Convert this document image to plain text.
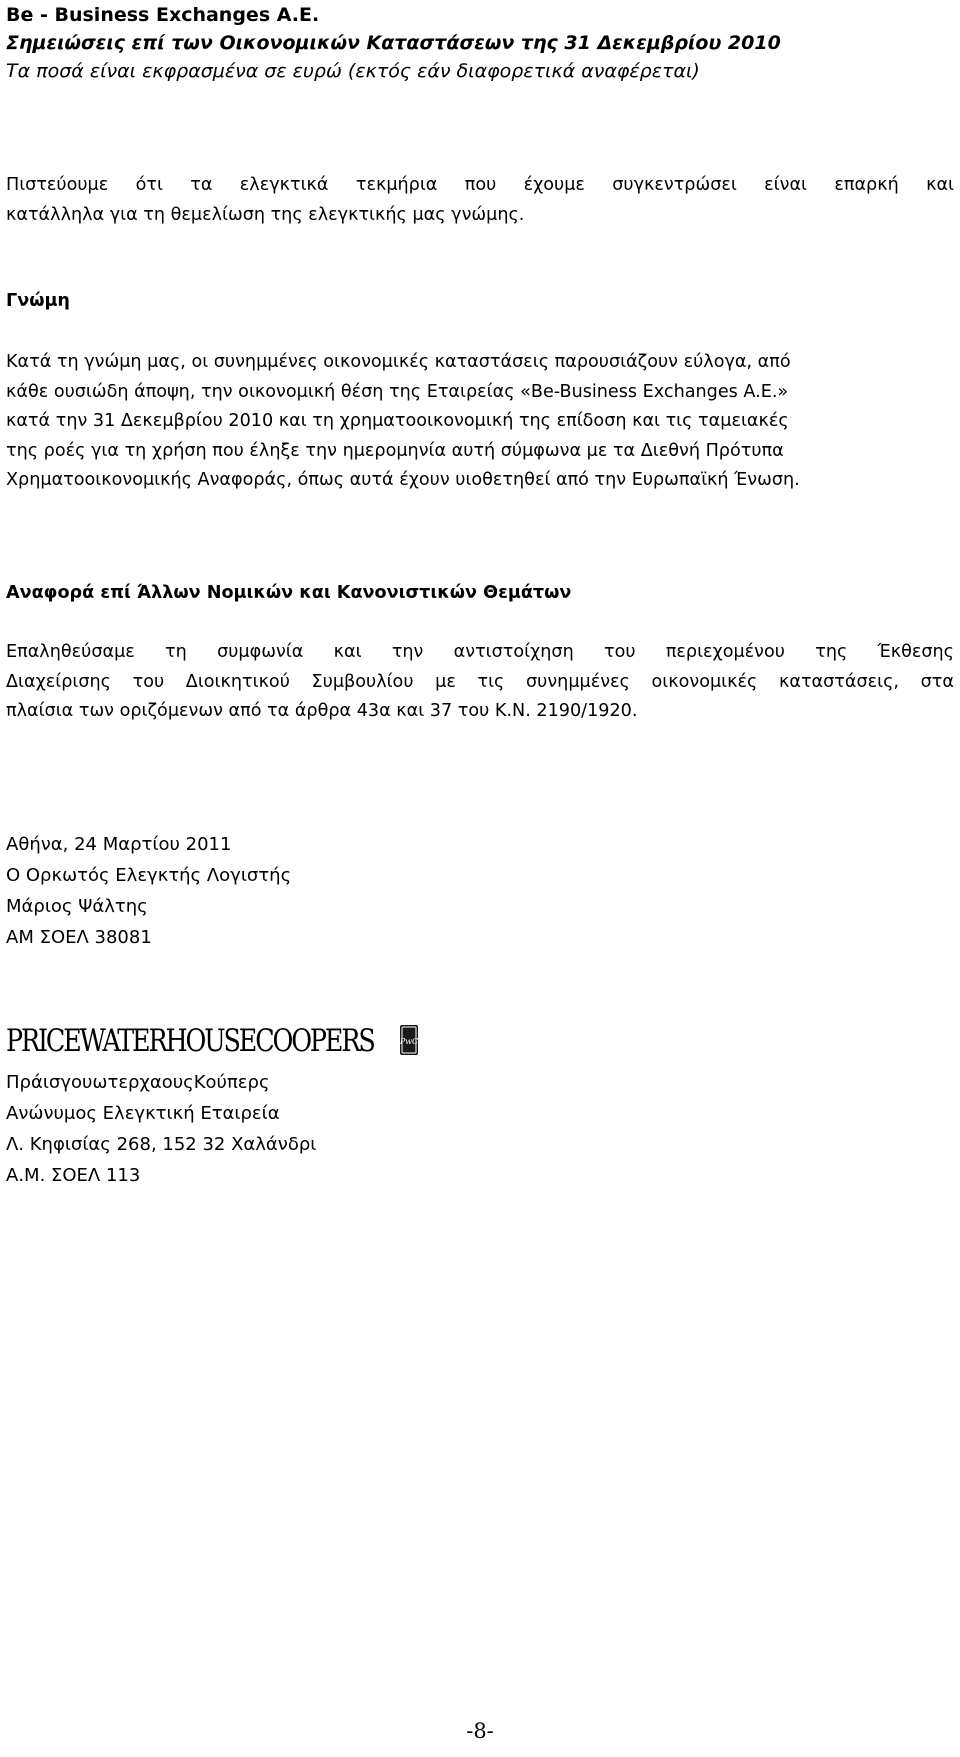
Be - Business Exchanges A.E.
Σημειώσεις επί των Οικονομικών Καταστάσεων της 31 Δεκεμβρίου 2010
Τα ποσά είναι εκφρασμένα σε ευρώ (εκτός εάν διαφορετικά αναφέρεται)
Πιστεύουμε ότι τα ελεγκτικά τεκμήρια που έχουμε συγκεντρώσει είναι επαρκή και
κατάλληλα για τη θεμελίωση της ελεγκτικής μας γνώμης.
Γνώμη
Κατά τη γνώμη μας, οι συνημμένες οικονομικές καταστάσεις παρουσιάζουν εύλογα, από
κάθε ουσιώδη άποψη, την οικονομική θέση της Εταιρείας «Be-Business Exchanges A.E.»
κατά την 31 Δεκεμβρίου 2010 και τη χρηματοοικονομική της επίδοση και τις ταμειακές
της ροές για τη χρήση που έληξε την ημερομηνία αυτή σύμφωνα με τα Διεθνή Πρότυπα
Χρηματοοικονομικής Αναφοράς, όπως αυτά έχουν υιοθετηθεί από την Ευρωπαϊκή Ένωση.
Αναφορά επί Άλλων Νομικών και Κανονιστικών Θεμάτων
Επαληθεύσαμε τη συμφωνία και την αντιστοίχηση του περιεχομένου της Έκθεσης
Διαχείρισης του Διοικητικού Συμβουλίου με τις συνημμένες οικονομικές καταστάσεις, στα
πλαίσια των οριζόμενων από τα άρθρα 43α και 37 του Κ.Ν. 2190/1920.
Αθήνα, 24 Μαρτίου 2011
Ο Ορκωτός Ελεγκτής Λογιστής
Μάριος Ψάλτης
ΑΜ ΣΟΕΛ 38081
PRICEWATERHOUSECOOPERS	PwC
ΠράισγουωτερχαουςΚούπερς
Ανώνυμος Ελεγκτική Εταιρεία
Λ. Κηφισίας 268, 152 32 Χαλάνδρι
Α.Μ. ΣΟΕΛ 113
-8-
